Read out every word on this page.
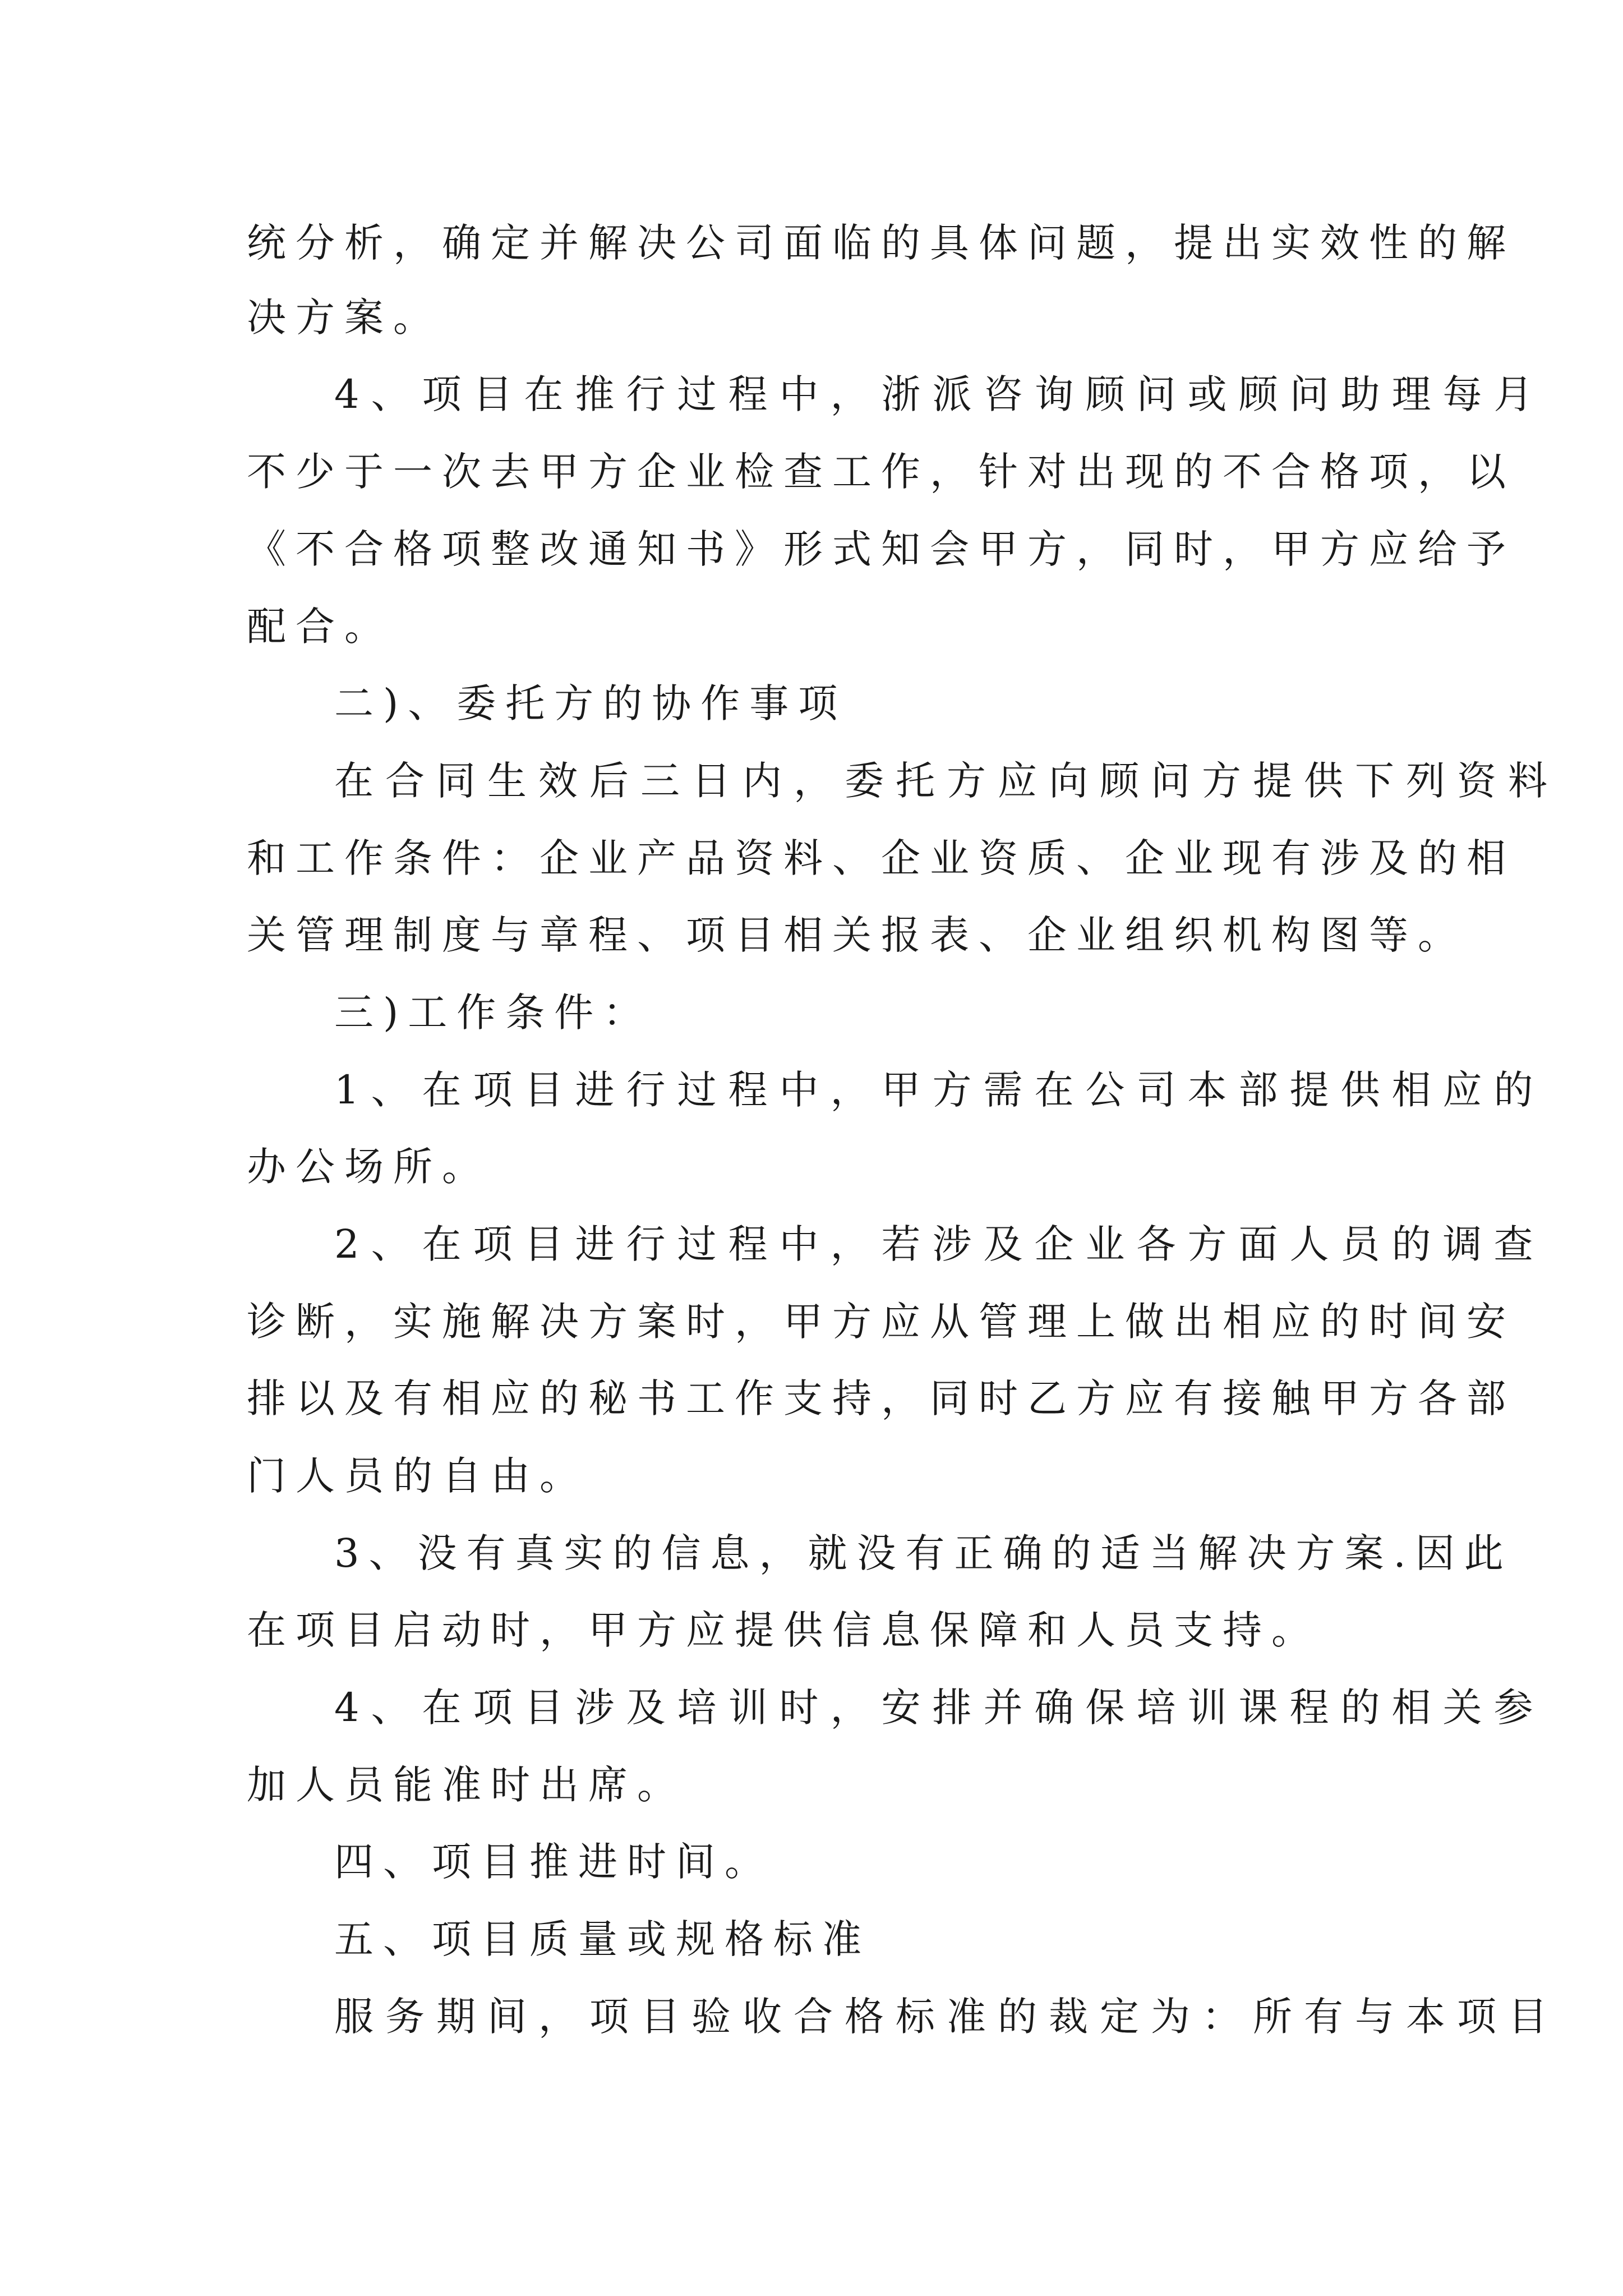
统分析，确定并解决公司面临的具体问题，提出实效性的解
决方案。
4、项目在推行过程中，浙派咨询顾问或顾问助理每月
不少于一次去甲方企业检查工作，针对出现的不合格项，以
《不合格项整改通知书》形式知会甲方，同时，甲方应给予
配合。
二)、委托方的协作事项
在合同生效后三日内，委托方应向顾问方提供下列资料
和工作条件：企业产品资料、企业资质、企业现有涉及的相
关管理制度与章程、项目相关报表、企业组织机构图等。
三)工作条件：
1、在项目进行过程中，甲方需在公司本部提供相应的
办公场所。
2、在项目进行过程中，若涉及企业各方面人员的调查
诊断，实施解决方案时，甲方应从管理上做出相应的时间安
排以及有相应的秘书工作支持，同时乙方应有接触甲方各部
门人员的自由。
3、没有真实的信息，就没有正确的适当解决方案.因此
在项目启动时，甲方应提供信息保障和人员支持。
4、在项目涉及培训时，安排并确保培训课程的相关参
加人员能准时出席。
四、项目推进时间。
五、项目质量或规格标准
服务期间，项目验收合格标准的裁定为：所有与本项目
